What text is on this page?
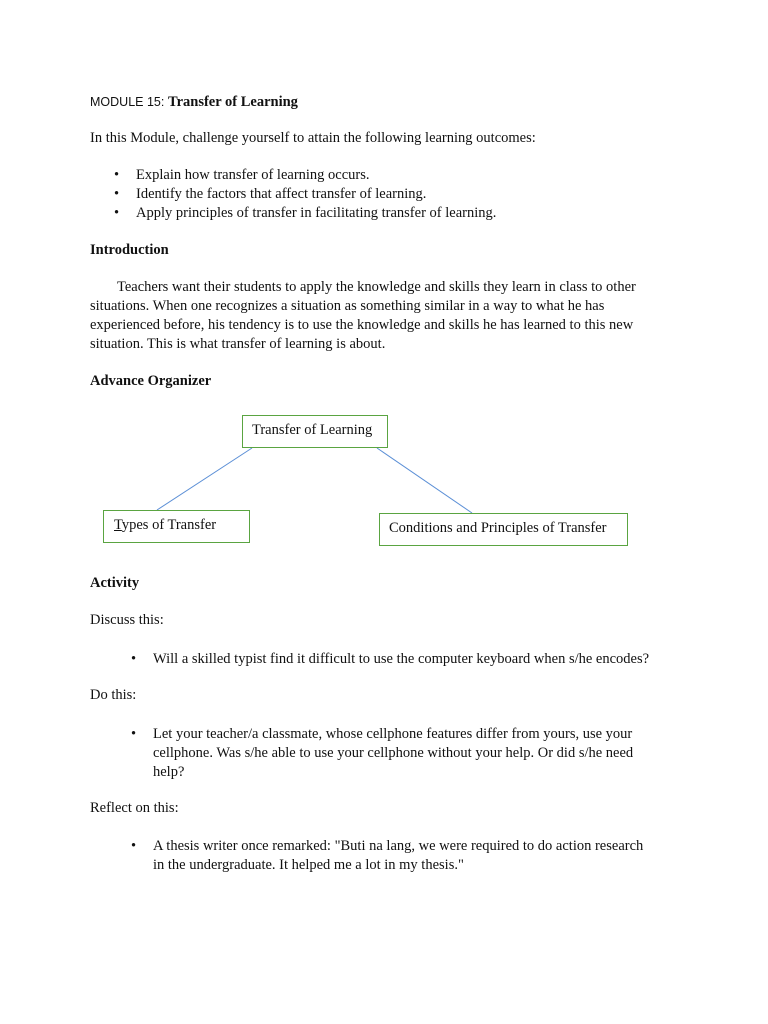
MODULE 15: Transfer of Learning
In this Module, challenge yourself to attain the following learning outcomes:
• Explain how transfer of learning occurs.
• Identify the factors that affect transfer of learning.
• Apply principles of transfer in facilitating transfer of learning.
Introduction
Teachers want their students to apply the knowledge and skills they learn in class to other
situations. When one recognizes a situation as something similar in a way to what he has
experienced before, his tendency is to use the knowledge and skills he has learned to this new
situation. This is what transfer of learning is about.
Advance Organizer
Transfer of Learning
Types of Transfer	Conditions and Principles of Transfer
Activity
Discuss this:
• Will a skilled typist find it difficult to use the computer keyboard when s/he encodes?
Do this:
• Let your teacher/a classmate, whose cellphone features differ from yours, use your
cellphone. Was s/he able to use your cellphone without your help. Or did s/he need
help?
Reflect on this:
• A thesis writer once remarked: "Buti na lang, we were required to do action research
in the undergraduate. It helped me a lot in my thesis."
